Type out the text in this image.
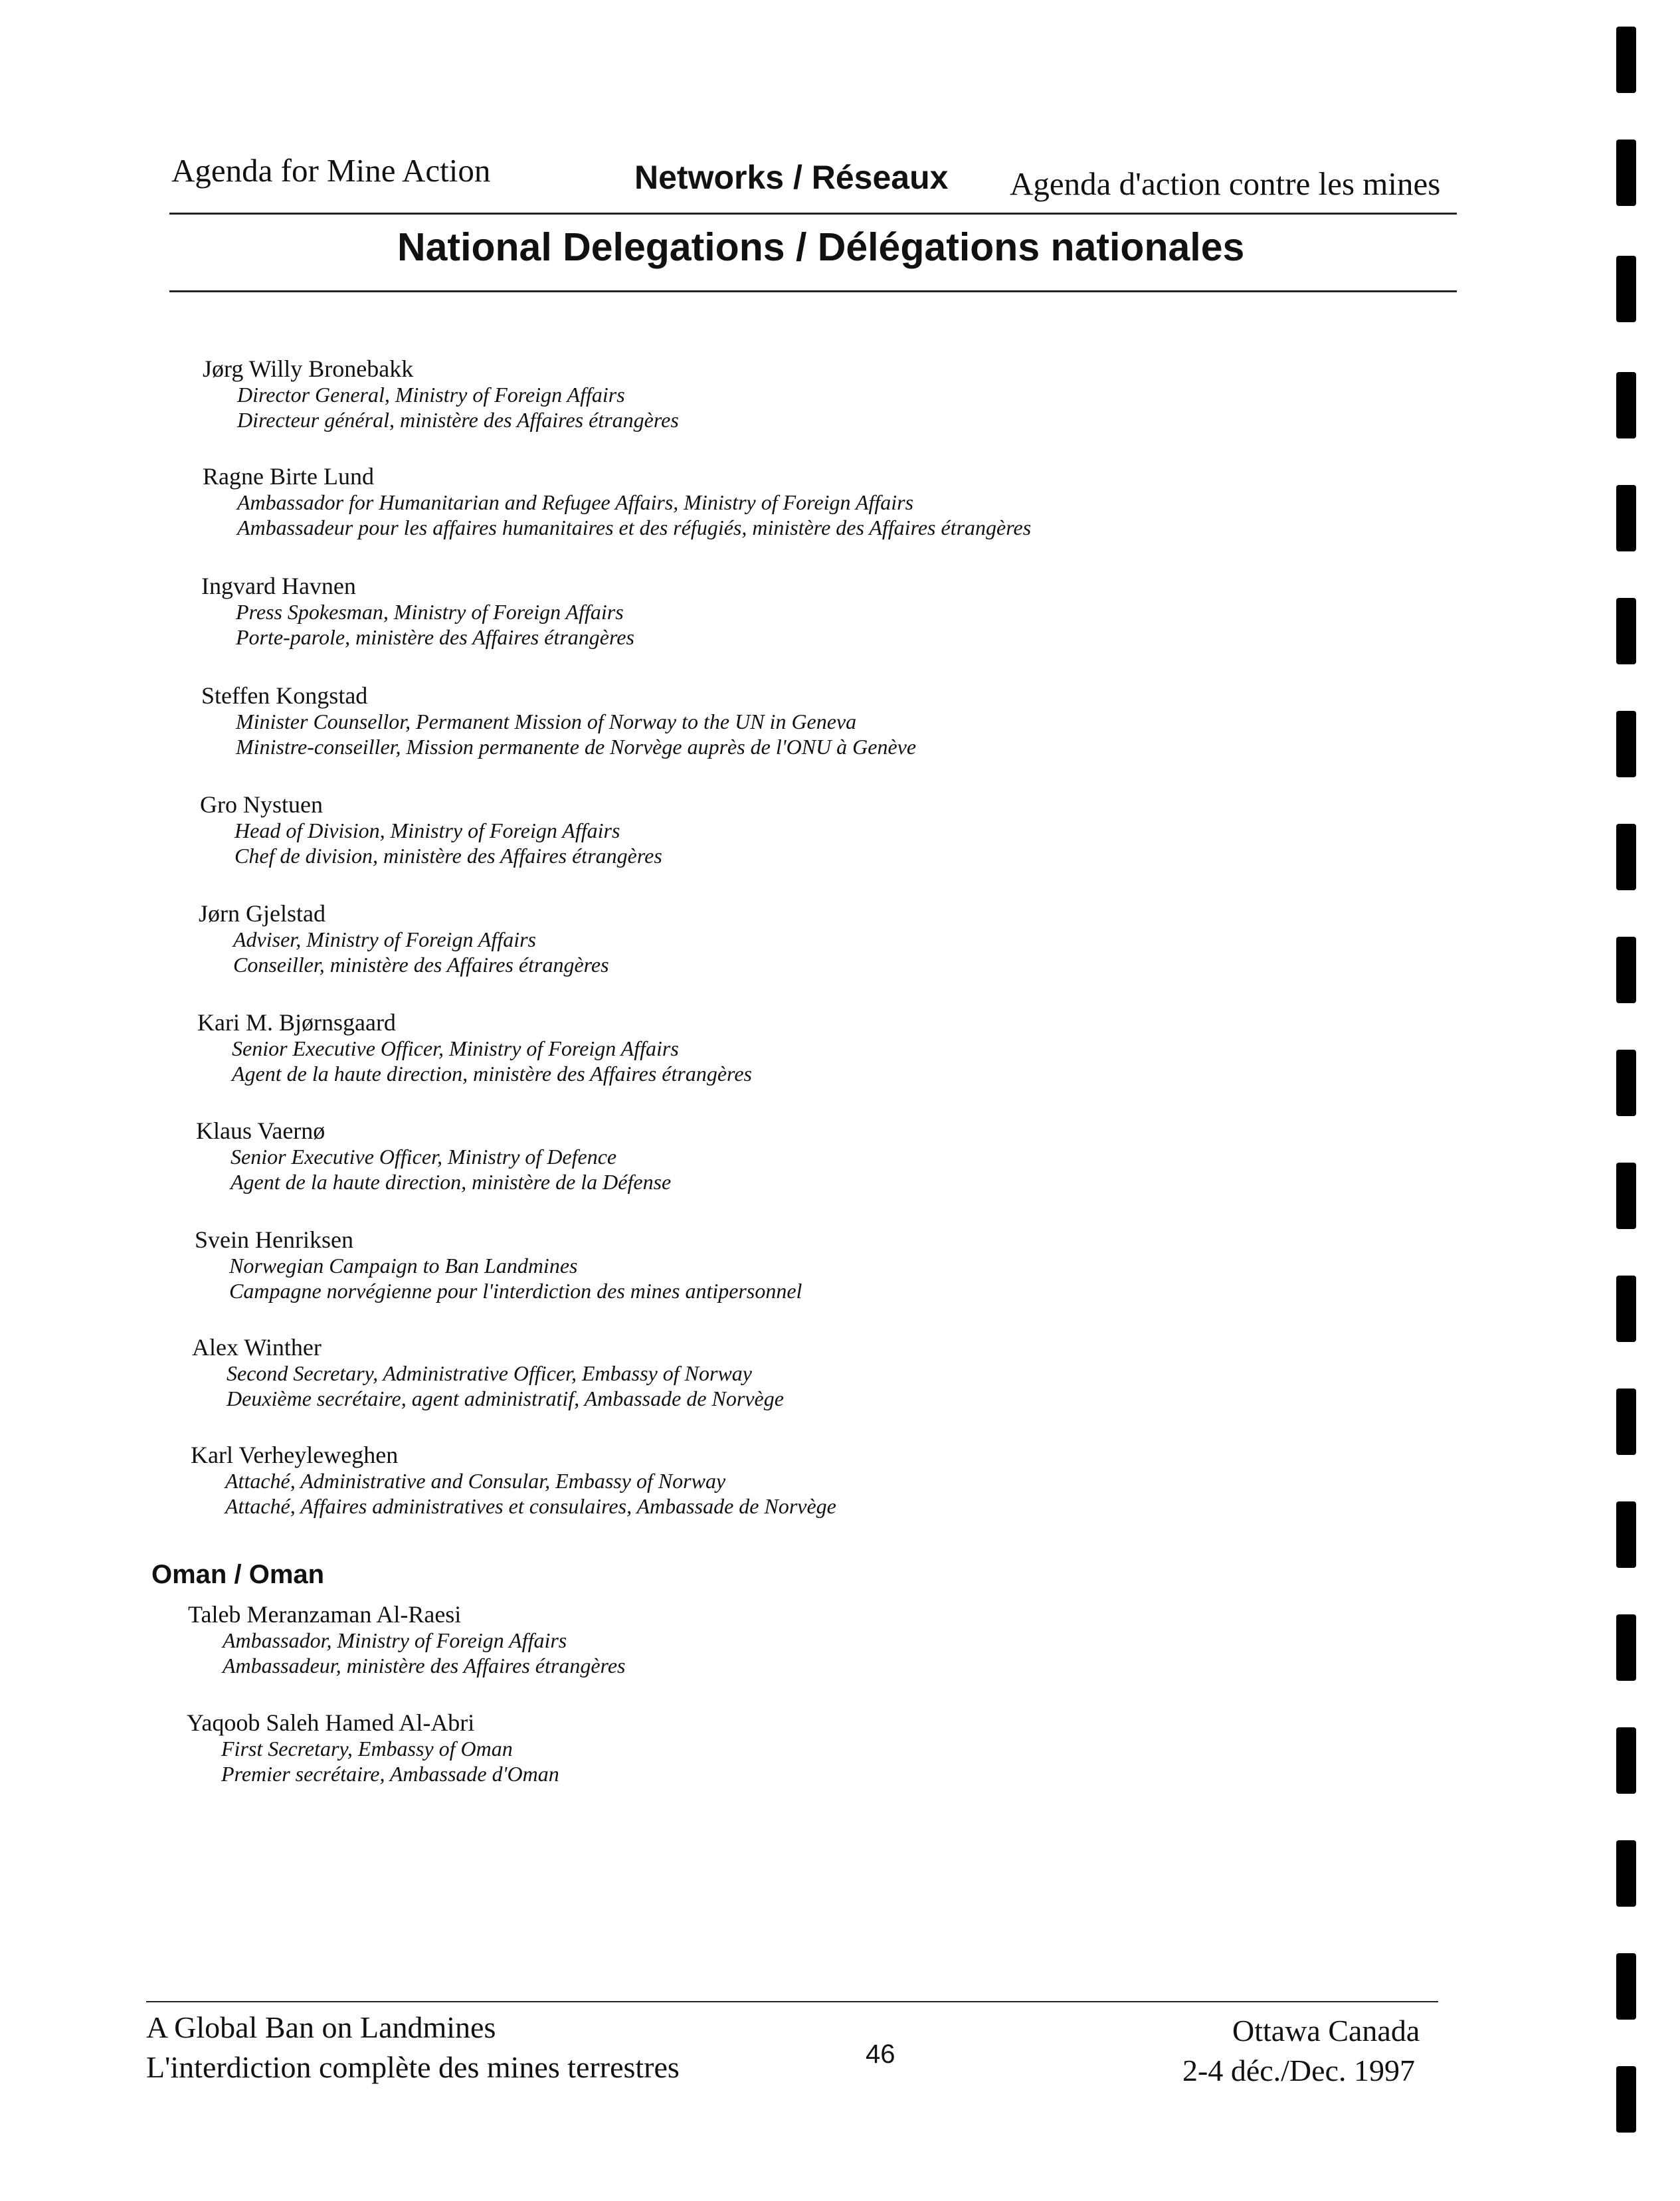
Agenda for Mine Action	Networks / Réseaux Agenda d'action contre les mines
National Delegations / Délégations nationales
Jørg Willy Bronebakk
Director General, Ministry of Foreign Affairs
Directeur général, ministère des Affaires étrangères
Ragne Birte Lund
Ambassador for Humanitarian and Refugee Affairs, Ministry of Foreign Affairs
Ambassadeur pour les affaires humanitaires et des réfugiés, ministère des Affaires étrangères
Ingvard Havnen
Press Spokesman, Ministry of Foreign Affairs
Porte-parole, ministère des Affaires étrangères
Steffen Kongstad
Minister Counsellor, Permanent Mission of Norway to the UN in Geneva
Ministre-conseiller, Mission permanente de Norvège auprès de l'ONU à Genève
Gro Nystuen
Head of Division, Ministry of Foreign Affairs
Chef de division, ministère des Affaires étrangères
Jørn Gjelstad
Adviser, Ministry of Foreign Affairs
Conseiller, ministère des Affaires étrangères
Kari M. Bjørnsgaard
Senior Executive Officer, Ministry of Foreign Affairs
Agent de la haute direction, ministère des Affaires étrangères
Klaus Vaernø
Senior Executive Officer, Ministry of Defence
Agent de la haute direction, ministère de la Défense
Svein Henriksen
Norwegian Campaign to Ban Landmines
Campagne norvégienne pour l'interdiction des mines antipersonnel
Alex Winther
Second Secretary, Administrative Officer, Embassy of Norway
Deuxième secrétaire, agent administratif, Ambassade de Norvège
Karl Verheyleweghen
Attaché, Administrative and Consular, Embassy of Norway
Attaché, Affaires administratives et consulaires, Ambassade de Norvège
Oman / Oman
Taleb Meranzaman Al-Raesi
Ambassador, Ministry of Foreign Affairs
Ambassadeur, ministère des Affaires étrangères
Yaqoob Saleh Hamed Al-Abri
First Secretary, Embassy of Oman
Premier secrétaire, Ambassade d'Oman
A Global Ban on Landmines
L'interdiction complète des mines terrestres	46
Ottawa Canada
2-4 déc./Dec. 1997
